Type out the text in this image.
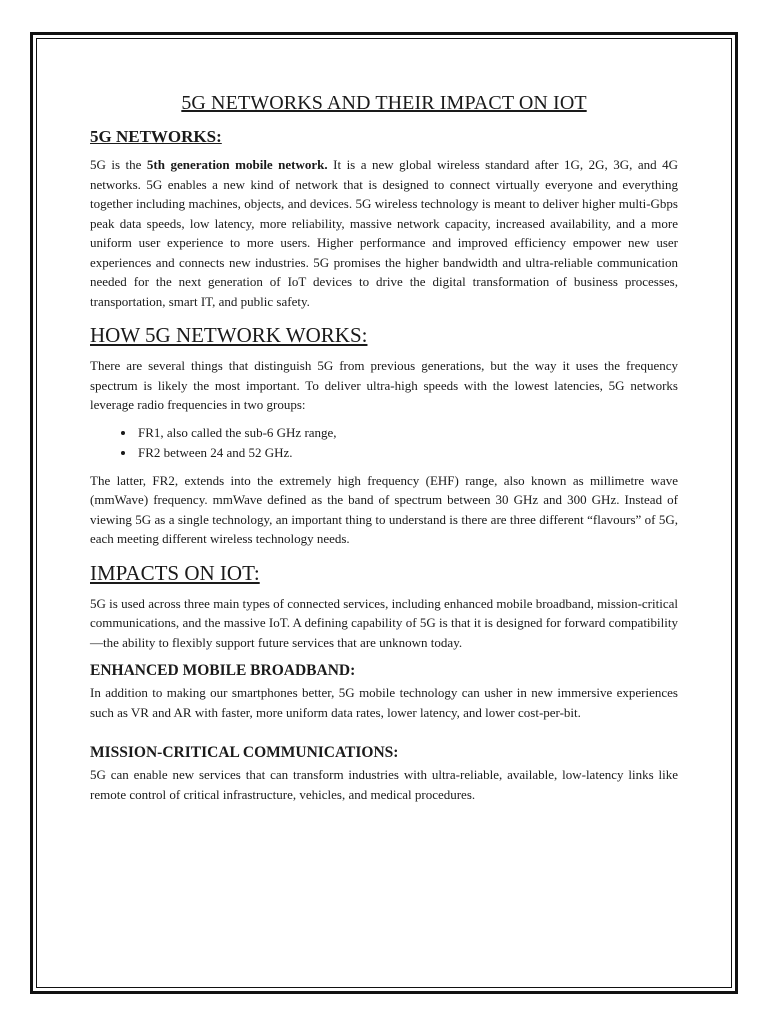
5G NETWORKS AND THEIR IMPACT ON IOT
5G NETWORKS:

5G is the 5th generation mobile network. It is a new global wireless standard after 1G, 2G, 3G, and 4G networks. 5G enables a new kind of network that is designed to connect virtually everyone and everything together including machines, objects, and devices. 5G wireless technology is meant to deliver higher multi-Gbps peak data speeds, low latency, more reliability, massive network capacity, increased availability, and a more uniform user experience to more users. Higher performance and improved efficiency empower new user experiences and connects new industries. 5G promises the higher bandwidth and ultra-reliable communication needed for the next generation of IoT devices to drive the digital transformation of business processes, transportation, smart IT, and public safety.

HOW 5G NETWORK WORKS:

There are several things that distinguish 5G from previous generations, but the way it uses the frequency spectrum is likely the most important. To deliver ultra-high speeds with the lowest latencies, 5G networks leverage radio frequencies in two groups:

• FR1, also called the sub-6 GHz range,
• FR2 between 24 and 52 GHz.

The latter, FR2, extends into the extremely high frequency (EHF) range, also known as millimetre wave (mmWave) frequency. mmWave defined as the band of spectrum between 30 GHz and 300 GHz. Instead of viewing 5G as a single technology, an important thing to understand is there are three different “flavours” of 5G, each meeting different wireless technology needs.

IMPACTS ON IOT:

5G is used across three main types of connected services, including enhanced mobile broadband, mission-critical communications, and the massive IoT. A defining capability of 5G is that it is designed for forward compatibility—the ability to flexibly support future services that are unknown today.

ENHANCED MOBILE BROADBAND:

In addition to making our smartphones better, 5G mobile technology can usher in new immersive experiences such as VR and AR with faster, more uniform data rates, lower latency, and lower cost-per-bit.

MISSION-CRITICAL COMMUNICATIONS:

5G can enable new services that can transform industries with ultra-reliable, available, low-latency links like remote control of critical infrastructure, vehicles, and medical procedures.
